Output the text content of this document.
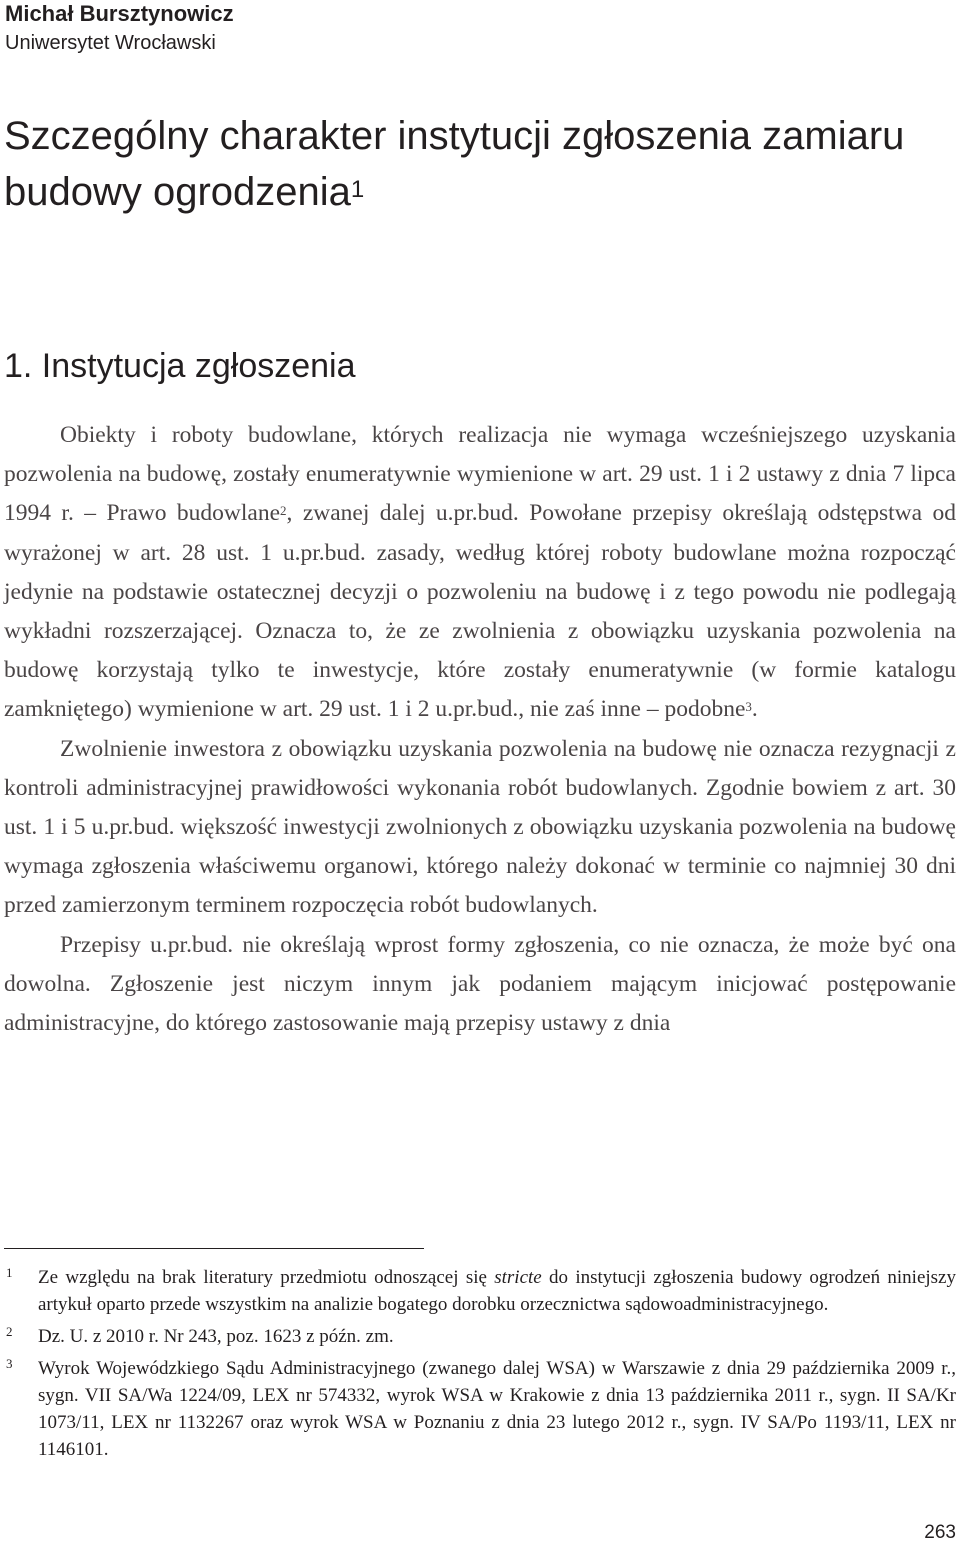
Michał Bursztynowicz
Uniwersytet Wrocławski
Szczególny charakter instytucji zgłoszenia zamiaru budowy ogrodzenia$^1$
1. Instytucja zgłoszenia

Obiekty i roboty budowlane, których realizacja nie wymaga wcześniejszego uzyskania pozwolenia na budowę, zostały enumeratywnie wymienione w art. 29 ust. 1 i 2 ustawy z dnia 7 lipca 1994 r. – Prawo budowlane$^2$, zwanej dalej u.pr.bud. Powołane przepisy określają odstępstwa od wyrażonej w art. 28 ust. 1 u.pr.bud. zasady, według której roboty budowlane można rozpocząć jedynie na podstawie ostatecznej decyzji o pozwoleniu na budowę i z tego powodu nie podlegają wykładni rozszerzającej. Oznacza to, że ze zwolnienia z obowiązku uzyskania pozwolenia na budowę korzystają tylko te inwestycje, które zostały enumeratywnie (w formie katalogu zamkniętego) wymienione w art. 29 ust. 1 i 2 u.pr.bud., nie zaś inne – podobne$^3$.

Zwolnienie inwestora z obowiązku uzyskania pozwolenia na budowę nie oznacza rezygnacji z kontroli administracyjnej prawidłowości wykonania robót budowlanych. Zgodnie bowiem z art. 30 ust. 1 i 5 u.pr.bud. większość inwestycji zwolnionych z obowiązku uzyskania pozwolenia na budowę wymaga zgłoszenia właściwemu organowi, którego należy dokonać w terminie co najmniej 30 dni przed zamierzonym terminem rozpoczęcia robót budowlanych.

Przepisy u.pr.bud. nie określają wprost formy zgłoszenia, co nie oznacza, że może być ona dowolna. Zgłoszenie jest niczym innym jak podaniem mającym inicjować postępowanie administracyjne, do którego zastosowanie mają przepisy ustawy z dnia

1 Ze względu na brak literatury przedmiotu odnoszącej się stricte do instytucji zgłoszenia budowy ogrodzeń niniejszy artykuł oparto przede wszystkim na analizie bogatego dorobku orzecznictwa sądowoadministracyjnego.
2 Dz. U. z 2010 r. Nr 243, poz. 1623 z późn. zm.
3 Wyrok Wojewódzkiego Sądu Administracyjnego (zwanego dalej WSA) w Warszawie z dnia 29 października 2009 r., sygn. VII SA/Wa 1224/09, LEX nr 574332, wyrok WSA w Krakowie z dnia 13 października 2011 r., sygn. II SA/Kr 1073/11, LEX nr 1132267 oraz wyrok WSA w Poznaniu z dnia 23 lutego 2012 r., sygn. IV SA/Po 1193/11, LEX nr 1146101.
263
